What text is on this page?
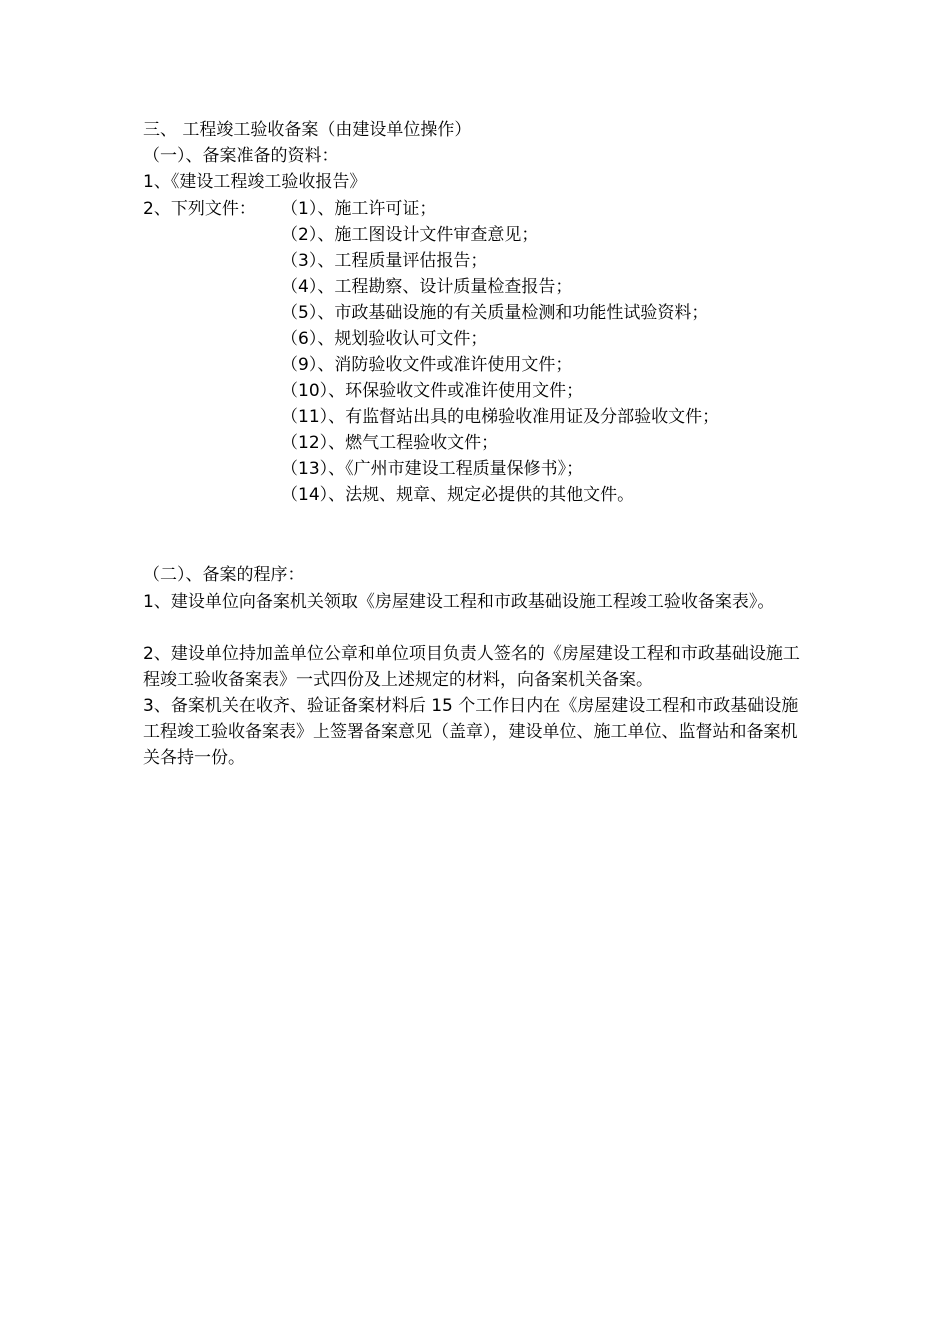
三、 工程竣工验收备案（由建设单位操作）
（一）、备案准备的资料：
1、《建设工程竣工验收报告》
2、下列文件： （1）、施工许可证；
（2）、施工图设计文件审查意见；
（3）、工程质量评估报告；
（4）、工程勘察、设计质量检查报告；
（5）、市政基础设施的有关质量检测和功能性试验资料；
（6）、规划验收认可文件；
（9）、消防验收文件或准许使用文件；
（10）、环保验收文件或准许使用文件；
（11）、有监督站出具的电梯验收准用证及分部验收文件；
（12）、燃气工程验收文件；
（13）、《广州市建设工程质量保修书》；
（14）、法规、规章、规定必提供的其他文件。
（二）、备案的程序：

1、建设单位向备案机关领取《房屋建设工程和市政基础设施工程竣工验收备案表》。

2、建设单位持加盖单位公章和单位项目负责人签名的《房屋建设工程和市政基础设施工程竣工验收备案表》一式四份及上述规定的材料，向备案机关备案。

3、备案机关在收齐、验证备案材料后 15 个工作日内在《房屋建设工程和市政基础设施工程竣工验收备案表》上签署备案意见（盖章），建设单位、施工单位、监督站和备案机关各持一份。
